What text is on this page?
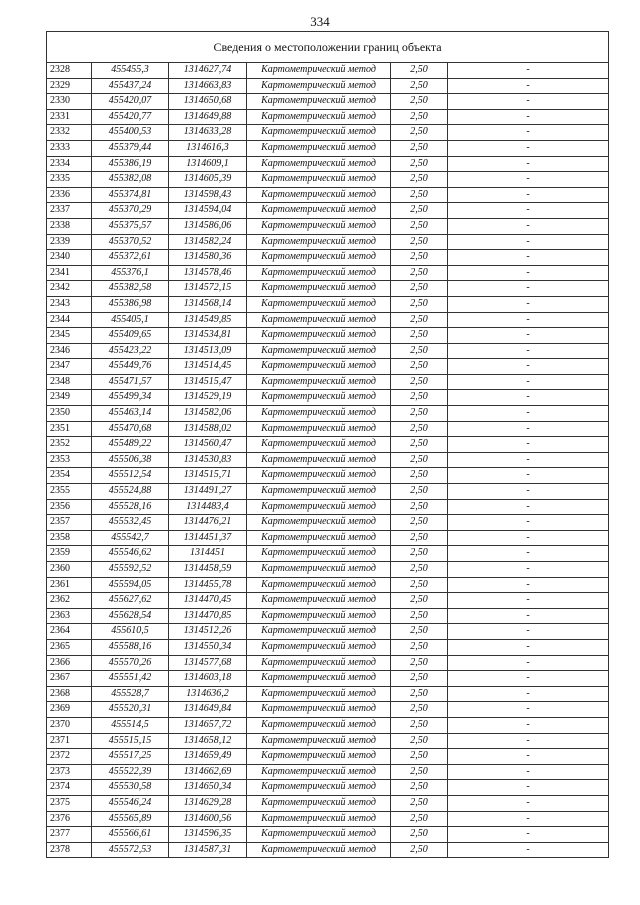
334
Сведения о местоположении границ объекта					
2328	455455,3	1314627,74	Картометрический метод	2,50	-
2329	455437,24	1314663,83	Картометрический метод	2,50	-
2330	455420,07	1314650,68	Картометрический метод	2,50	-
2331	455420,77	1314649,88	Картометрический метод	2,50	-
2332	455400,53	1314633,28	Картометрический метод	2,50	-
2333	455379,44	1314616,3	Картометрический метод	2,50	-
2334	455386,19	1314609,1	Картометрический метод	2,50	-
2335	455382,08	1314605,39	Картометрический метод	2,50	-
2336	455374,81	1314598,43	Картометрический метод	2,50	-
2337	455370,29	1314594,04	Картометрический метод	2,50	-
2338	455375,57	1314586,06	Картометрический метод	2,50	-
2339	455370,52	1314582,24	Картометрический метод	2,50	-
2340	455372,61	1314580,36	Картометрический метод	2,50	-
2341	455376,1	1314578,46	Картометрический метод	2,50	-
2342	455382,58	1314572,15	Картометрический метод	2,50	-
2343	455386,98	1314568,14	Картометрический метод	2,50	-
2344	455405,1	1314549,85	Картометрический метод	2,50	-
2345	455409,65	1314534,81	Картометрический метод	2,50	-
2346	455423,22	1314513,09	Картометрический метод	2,50	-
2347	455449,76	1314514,45	Картометрический метод	2,50	-
2348	455471,57	1314515,47	Картометрический метод	2,50	-
2349	455499,34	1314529,19	Картометрический метод	2,50	-
2350	455463,14	1314582,06	Картометрический метод	2,50	-
2351	455470,68	1314588,02	Картометрический метод	2,50	-
2352	455489,22	1314560,47	Картометрический метод	2,50	-
2353	455506,38	1314530,83	Картометрический метод	2,50	-
2354	455512,54	1314515,71	Картометрический метод	2,50	-
2355	455524,88	1314491,27	Картометрический метод	2,50	-
2356	455528,16	1314483,4	Картометрический метод	2,50	-
2357	455532,45	1314476,21	Картометрический метод	2,50	-
2358	455542,7	1314451,37	Картометрический метод	2,50	-
2359	455546,62	1314451	Картометрический метод	2,50	-
2360	455592,52	1314458,59	Картометрический метод	2,50	-
2361	455594,05	1314455,78	Картометрический метод	2,50	-
2362	455627,62	1314470,45	Картометрический метод	2,50	-
2363	455628,54	1314470,85	Картометрический метод	2,50	-
2364	455610,5	1314512,26	Картометрический метод	2,50	-
2365	455588,16	1314550,34	Картометрический метод	2,50	-
2366	455570,26	1314577,68	Картометрический метод	2,50	-
2367	455551,42	1314603,18	Картометрический метод	2,50	-
2368	455528,7	1314636,2	Картометрический метод	2,50	-
2369	455520,31	1314649,84	Картометрический метод	2,50	-
2370	455514,5	1314657,72	Картометрический метод	2,50	-
2371	455515,15	1314658,12	Картометрический метод	2,50	-
2372	455517,25	1314659,49	Картометрический метод	2,50	-
2373	455522,39	1314662,69	Картометрический метод	2,50	-
2374	455530,58	1314650,34	Картометрический метод	2,50	-
2375	455546,24	1314629,28	Картометрический метод	2,50	-
2376	455565,89	1314600,56	Картометрический метод	2,50	-
2377	455566,61	1314596,35	Картометрический метод	2,50	-
2378	455572,53	1314587,31	Картометрический метод	2,50	-
